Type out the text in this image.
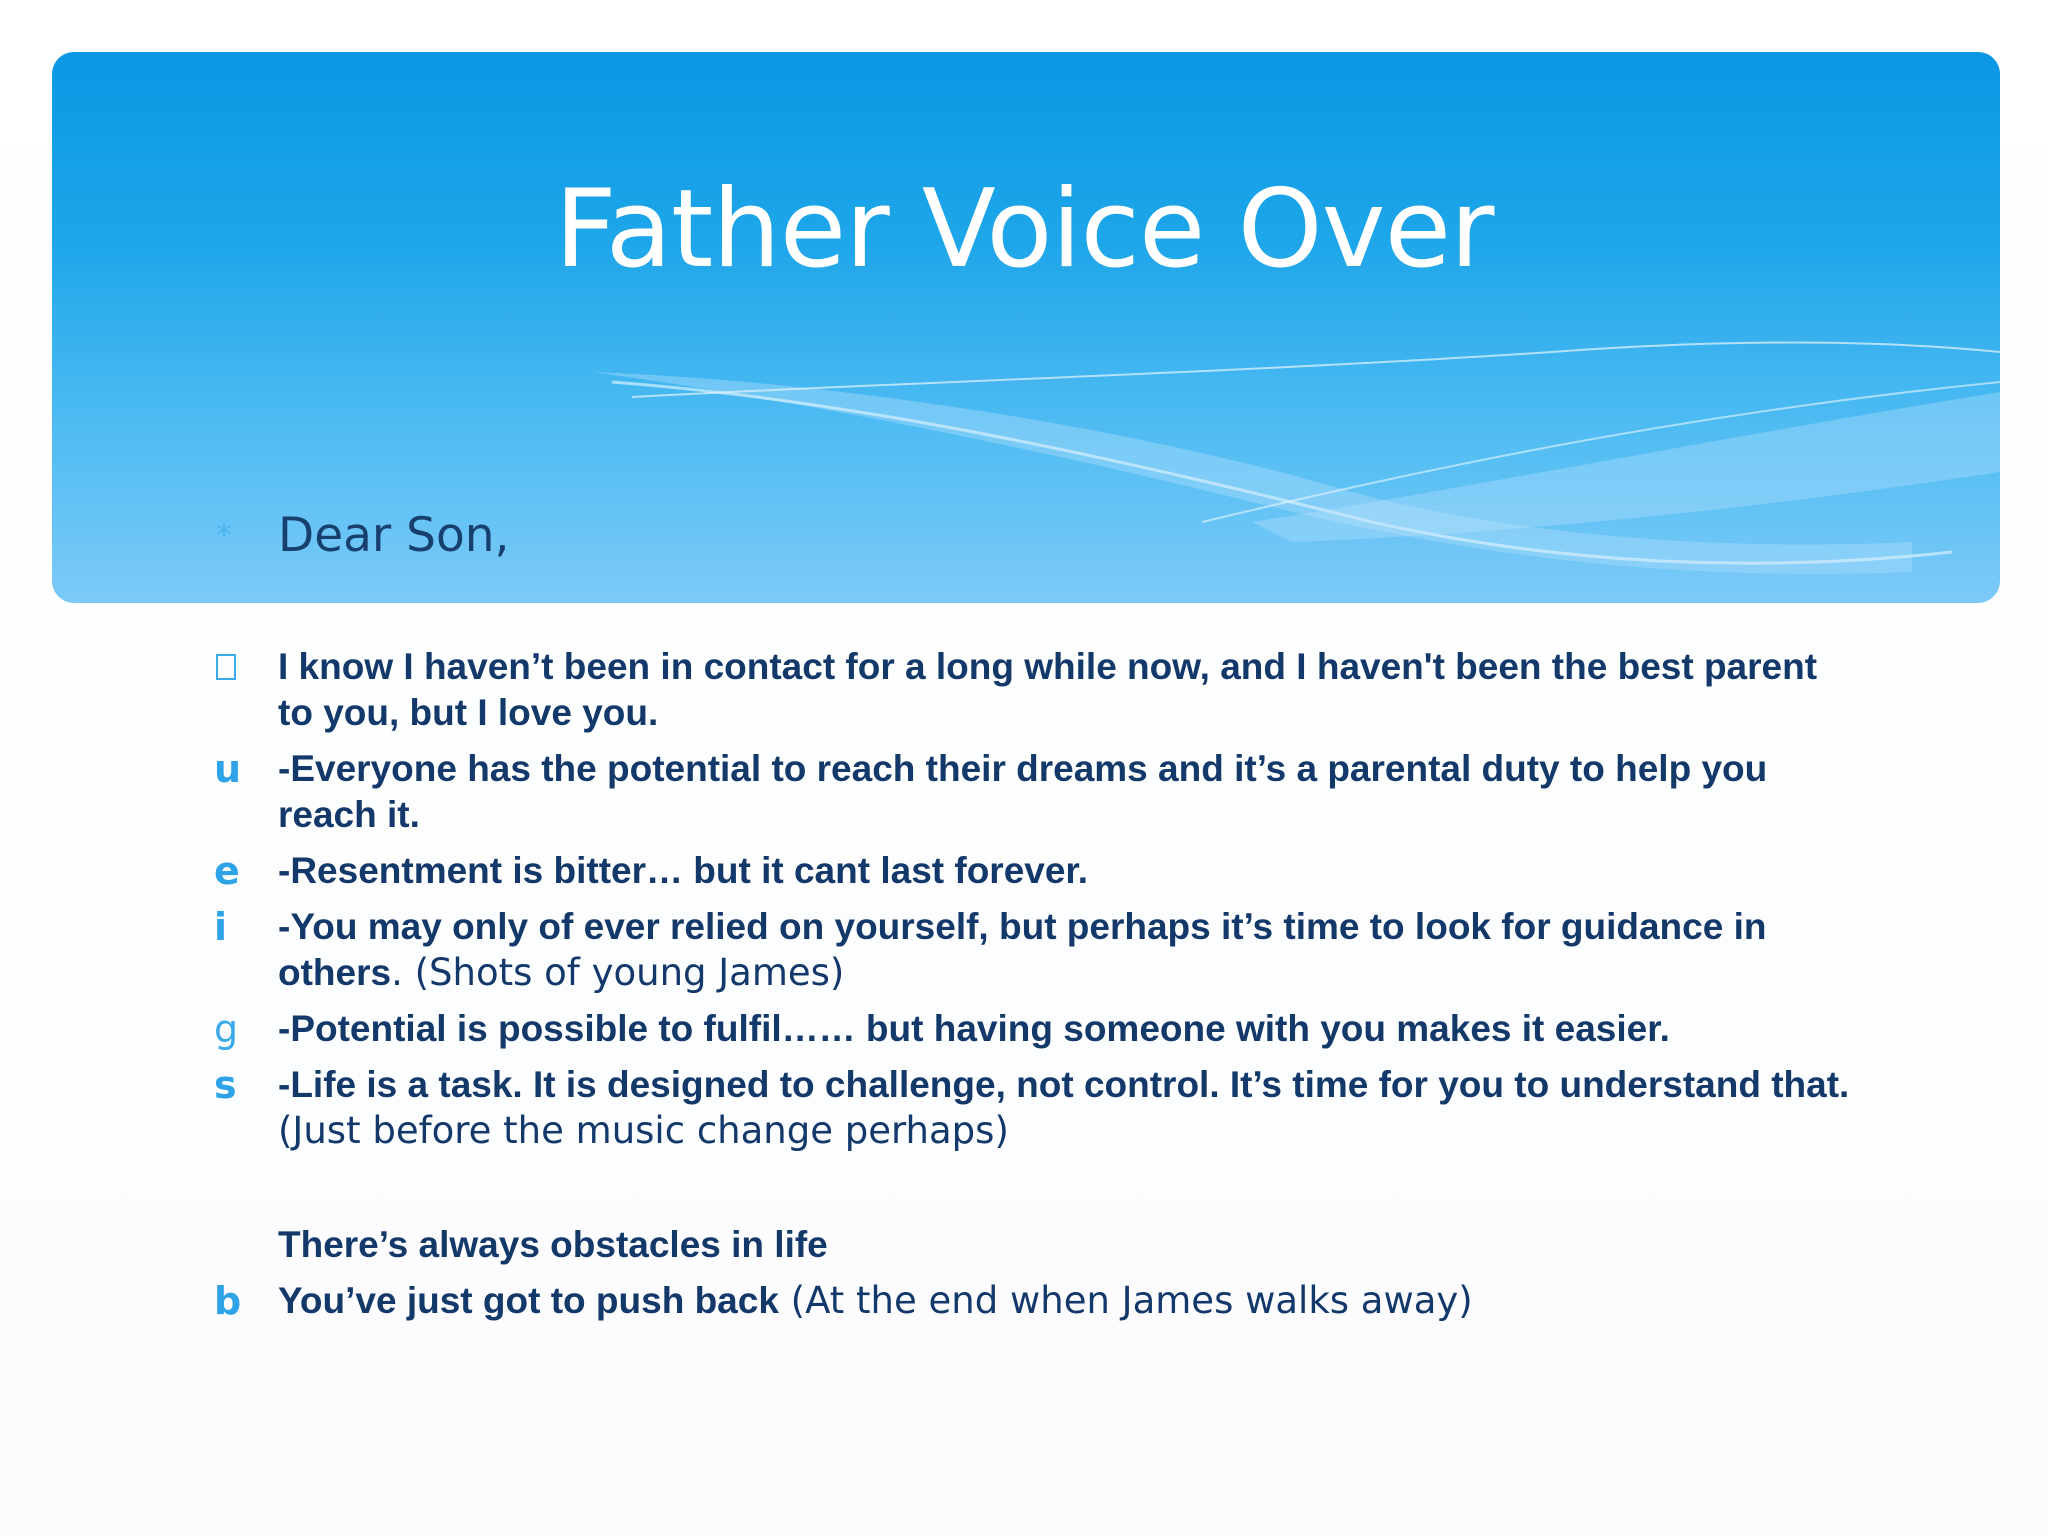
Father Voice Over
* Dear Son,
I know I haven’t been in contact for a long while now, and I haven't been the best parent to you, but I love you.
u -Everyone has the potential to reach their dreams and it’s a parental duty to help you reach it.
e	-Resentment is bitter… but it cant last forever.
i	-You may only of ever relied on yourself, but perhaps it’s time to look for guidance in others. (Shots of young James)
g	-Potential is possible to fulfil…… but having someone with you makes it easier.
s	-Life is a task. It is designed to challenge, not control. It’s time for you to understand that. (Just before the music change perhaps)
There’s always obstacles in life
b You’ve just got to push back (At the end when James walks away)
